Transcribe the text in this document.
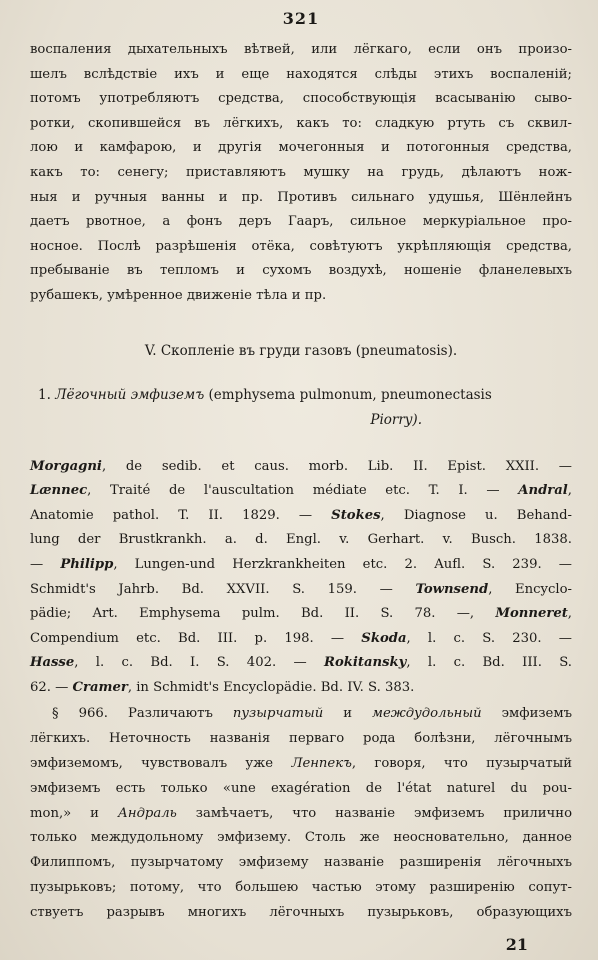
321
воспаления дыхательныхъ вѣтвей, или лёгкаго, если онъ произо-
шелъ вслѣдствіе ихъ и еще находятся слѣды этихъ воспаленій;
потомъ употребляютъ средства, способствующія всасыванію сыво-
ротки, скопившейся въ лёгкихъ, какъ то: сладкую ртуть съ сквил-
лою и камфарою, и другія мочегонныя и потогонныя средства,
какъ то: сенегу; приставляютъ мушку на грудь, дѣлаютъ нож-
ныя и ручныя ванны и пр. Противъ сильнаго удушья, Шёнлейнъ
даетъ рвотное, а фонъ деръ Гааръ, сильное меркуріальное про-
носное. Послѣ разрѣшенія отёка, совѣтуютъ укрѣпляющія средства,
пребываніе въ тепломъ и сухомъ воздухѣ, ношеніе фланелевыхъ
рубашекъ, умѣренное движеніе тѣла и пр.
V. Скопленіе въ груди газовъ (pneumatosis).
1. Лёгочный эмфиземъ (emphysema pulmonum, pneumonectasis
Piorry).
Morgagni, de sedib. et caus. morb. Lib. II. Epist. XXII. —
Lænnec, Traité de l'auscultation médiate etc. T. I. — Andral,
Anatomie pathol. T. II. 1829. — Stokes, Diagnose u. Behand-
lung der Brustkrankh. a. d. Engl. v. Gerhart. v. Busch. 1838.
— Philipp, Lungen-und Herzkrankheiten etc. 2. Aufl. S. 239. —
Schmidt's Jahrb. Bd. XXVII. S. 159. — Townsend, Encyclo-
pädie; Art. Emphysema pulm. Bd. II. S. 78. —, Monneret,
Compendium etc. Bd. III. p. 198. — Skoda, l. c. S. 230. —
Hasse, l. c. Bd. I. S. 402. — Rokitansky, l. c. Bd. III. S.
62. — Cramer, in Schmidt's Encyclopädie. Bd. IV. S. 383.
§ 966. Различаютъ пузырчатый и междудольный эмфиземъ
лёгкихъ. Неточность названія перваго рода болѣзни, лёгочнымъ
эмфиземомъ, чувствовалъ уже Ленnекъ, говоря, что пузырчатый
эмфиземъ есть только «une exagération de l'état naturel du pou-
mon,» и Андраль замѣчаетъ, что названіе эмфиземъ прилично
только междудольному эмфизему. Столь же неосновательно, данное
Филиппомъ, пузырчатому эмфизему названіе разширенія лёгочныхъ
пузырьковъ; потому, что большею частью этому разширенію сопут-
ствуетъ разрывъ многихъ лёгочныхъ пузырьковъ, образующихъ
21
